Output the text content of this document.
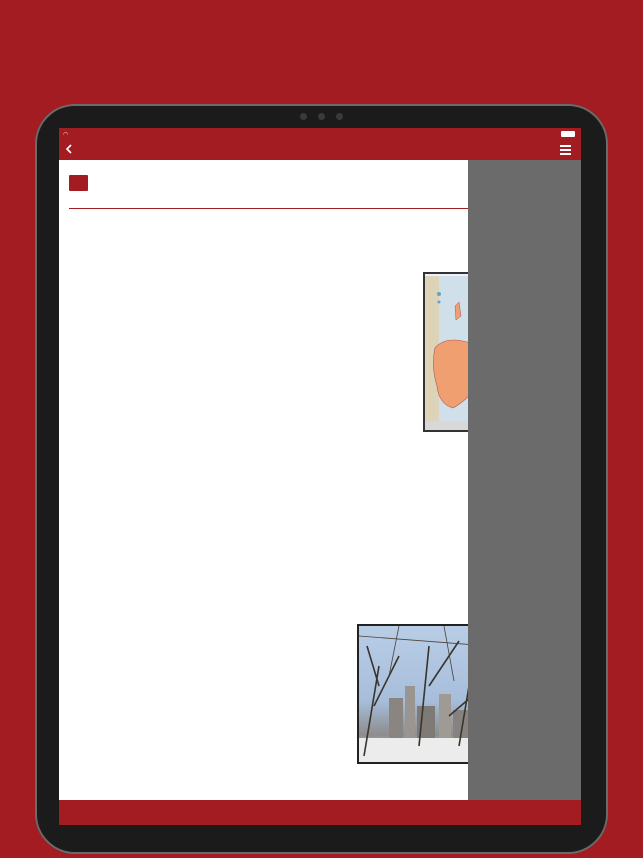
◠
